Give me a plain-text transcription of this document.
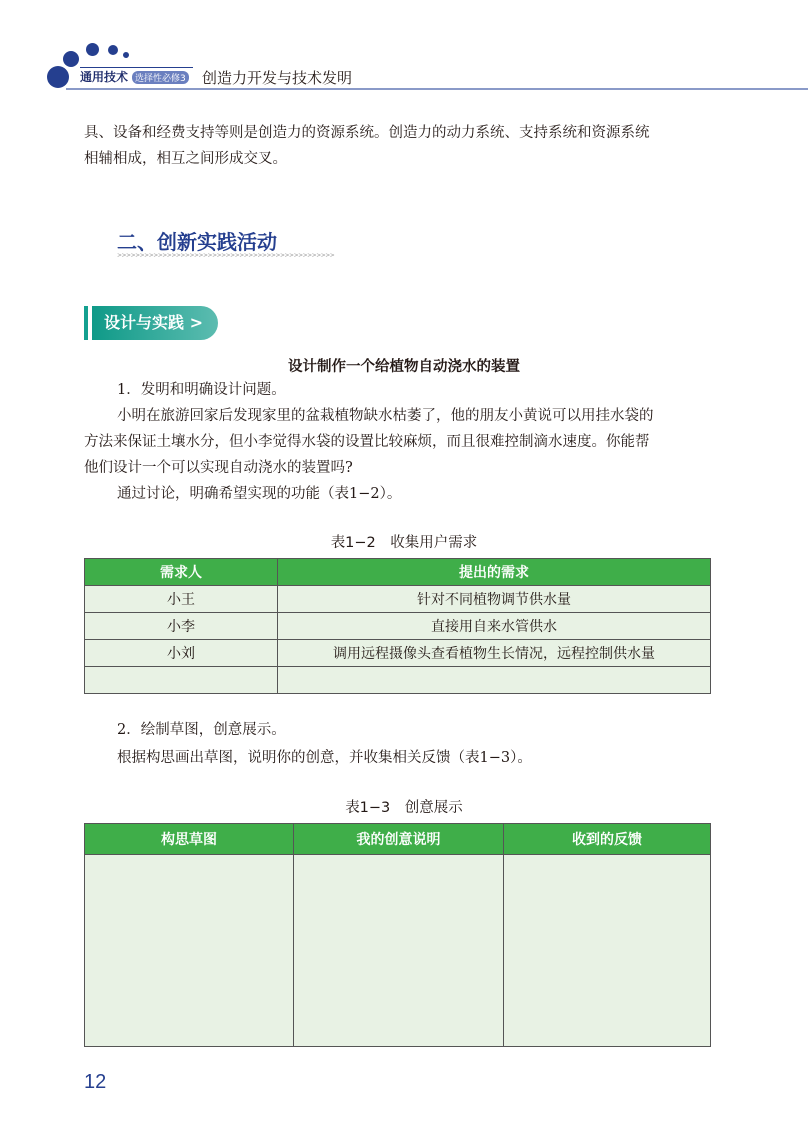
通用技术 选择性必修3 创造力开发与技术发明
具、设备和经费支持等则是创造力的资源系统。创造力的动力系统、支持系统和资源系统
相辅相成，相互之间形成交叉。
二、创新实践活动
>>>>>>>>>>>>>>>>>>>>>>>>>>>>>>>>>>>>>>>>>>>>>>>>
设计与实践 >
设计制作一个给植物自动浇水的装置
1．发明和明确设计问题。
小明在旅游回家后发现家里的盆栽植物缺水枯萎了，他的朋友小黄说可以用挂水袋的
方法来保证土壤水分，但小李觉得水袋的设置比较麻烦，而且很难控制滴水速度。你能帮
他们设计一个可以实现自动浇水的装置吗?
通过讨论，明确希望实现的功能（表1−2）。
表1−2　收集用户需求
需求人	提出的需求
小王	针对不同植物调节供水量
小李	直接用自来水管供水
小刘	调用远程摄像头查看植物生长情况，远程控制供水量

2．绘制草图，创意展示。
根据构思画出草图，说明你的创意，并收集相关反馈（表1−3）。
表1−3　创意展示
构思草图	我的创意说明	收到的反馈

12
